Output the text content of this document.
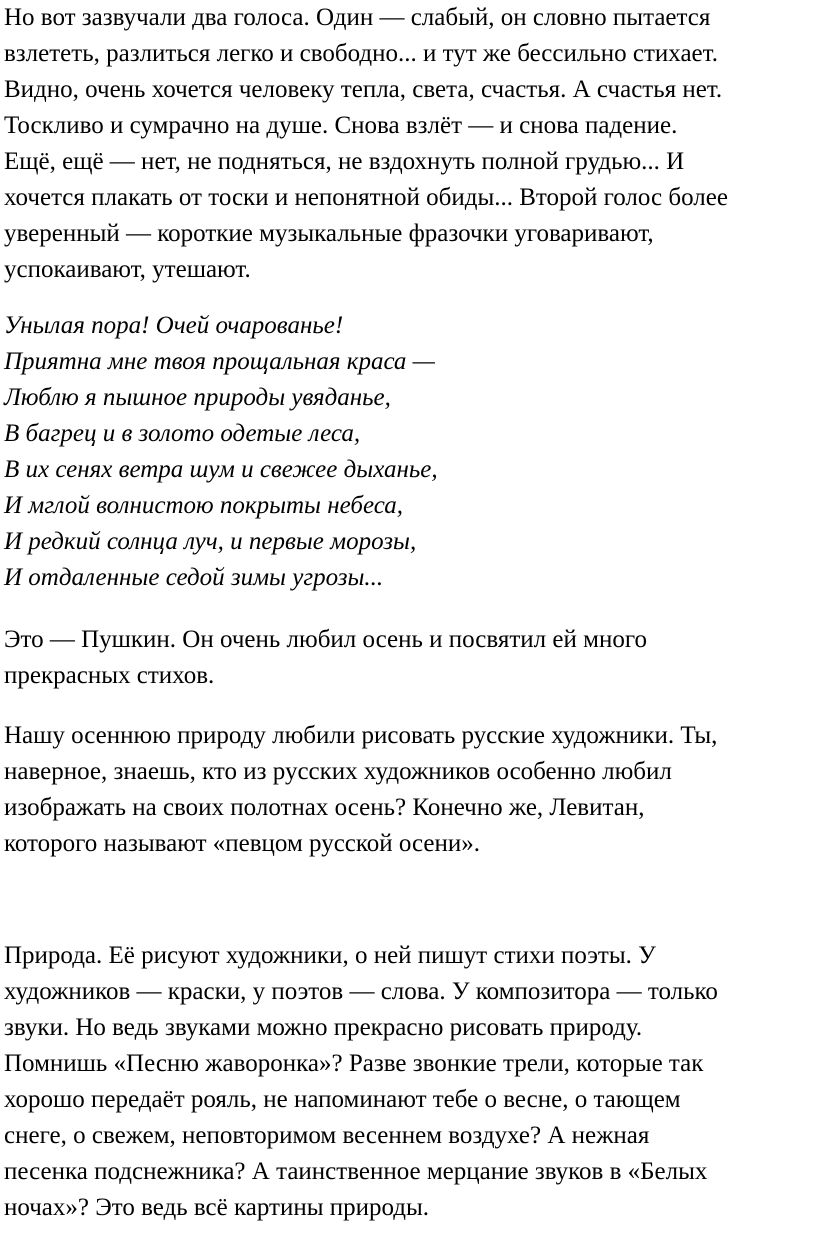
Но вот зазвучали два голоса. Один — слабый, он словно пытается
взлететь, разлиться легко и свободно... и тут же бессильно стихает.
Видно, очень хочется человеку тепла, света, счастья. А счастья нет.
Тоскливо и сумрачно на душе. Снова взлёт — и снова падение.
Ещё, ещё — нет, не подняться, не вздохнуть полной грудью... И
хочется плакать от тоски и непонятной обиды... Второй голос более
уверенный — короткие музыкальные фразочки уговаривают,
успокаивают, утешают.

Унылая пора! Очей очарованье!
Приятна мне твоя прощальная краса —
Люблю я пышное природы увяданье,
В багрец и в золото одетые леса,
В их сенях ветра шум и свежее дыханье,
И мглой волнистою покрыты небеса,
И редкий солнца луч, и первые морозы,
И отдаленные седой зимы угрозы...

Это — Пушкин. Он очень любил осень и посвятил ей много
прекрасных стихов.

Нашу осеннюю природу любили рисовать русские художники. Ты,
наверное, знаешь, кто из русских художников особенно любил
изображать на своих полотнах осень? Конечно же, Левитан,
которого называют «певцом русской осени».

Природа. Её рисуют художники, о ней пишут стихи поэты. У
художников — краски, у поэтов — слова. У композитора — только
звуки. Но ведь звуками можно прекрасно рисовать природу.
Помнишь «Песню жаворонка»? Разве звонкие трели, которые так
хорошо передаёт рояль, не напоминают тебе о весне, о тающем
снеге, о свежем, неповторимом весеннем воздухе? А нежная
песенка подснежника? А таинственное мерцание звуков в «Белых
ночах»? Это ведь всё картины природы.
